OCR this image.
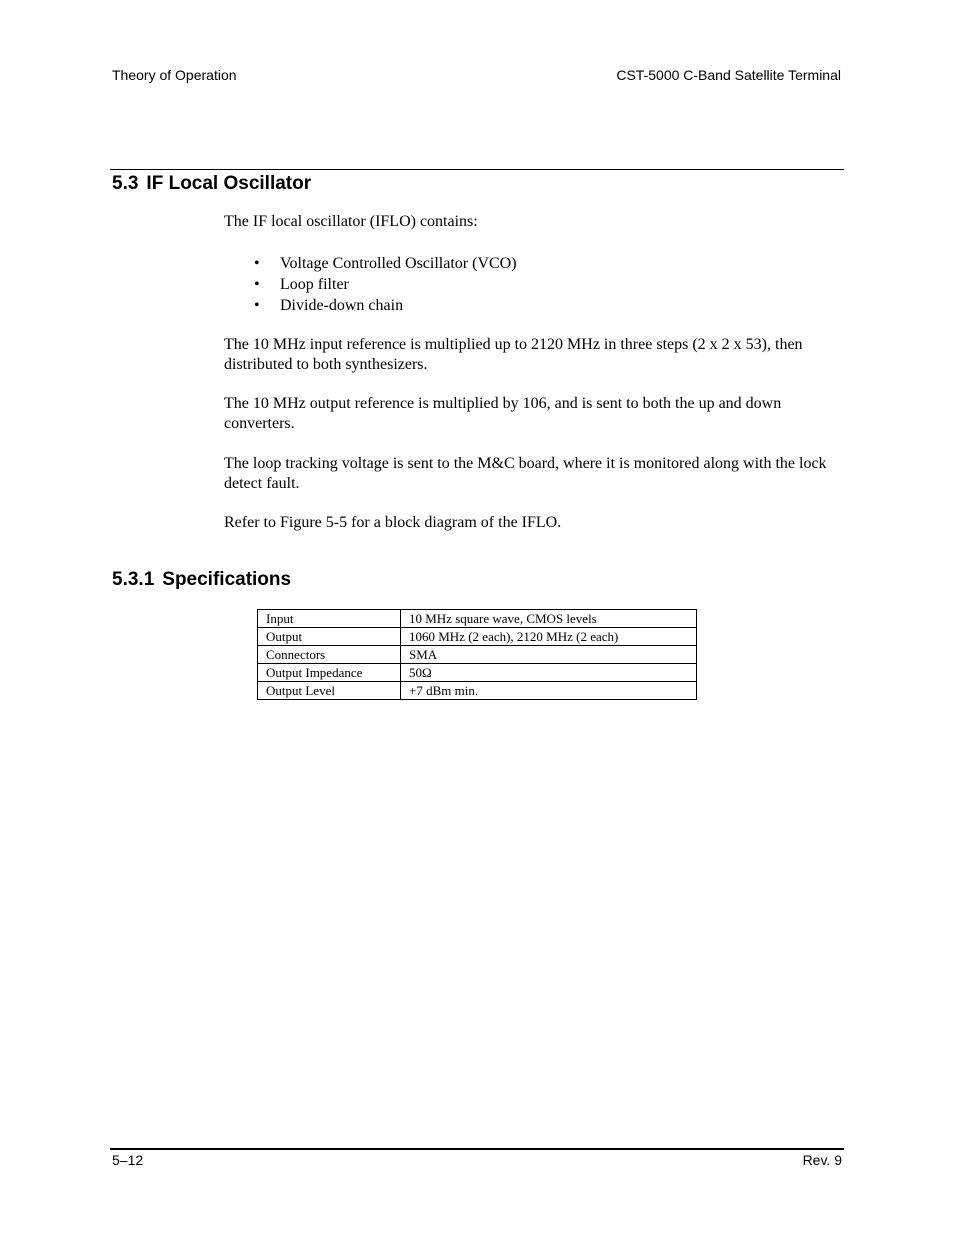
Theory of Operation	CST-5000 C-Band Satellite Terminal
5.3 IF Local Oscillator

The IF local oscillator (IFLO) contains:

• Voltage Controlled Oscillator (VCO)
• Loop filter
• Divide-down chain

The 10 MHz input reference is multiplied up to 2120 MHz in three steps (2 x 2 x 53), then distributed to both synthesizers.

The 10 MHz output reference is multiplied by 106, and is sent to both the up and down converters.

The loop tracking voltage is sent to the M&C board, where it is monitored along with the lock detect fault.

Refer to Figure 5-5 for a block diagram of the IFLO.

5.3.1 Specifications
Input	10 MHz square wave, CMOS levels
Output	1060 MHz (2 each), 2120 MHz (2 each)
Connectors	SMA
Output Impedance	50Ω
Output Level	+7 dBm min.
5–12	Rev. 9
